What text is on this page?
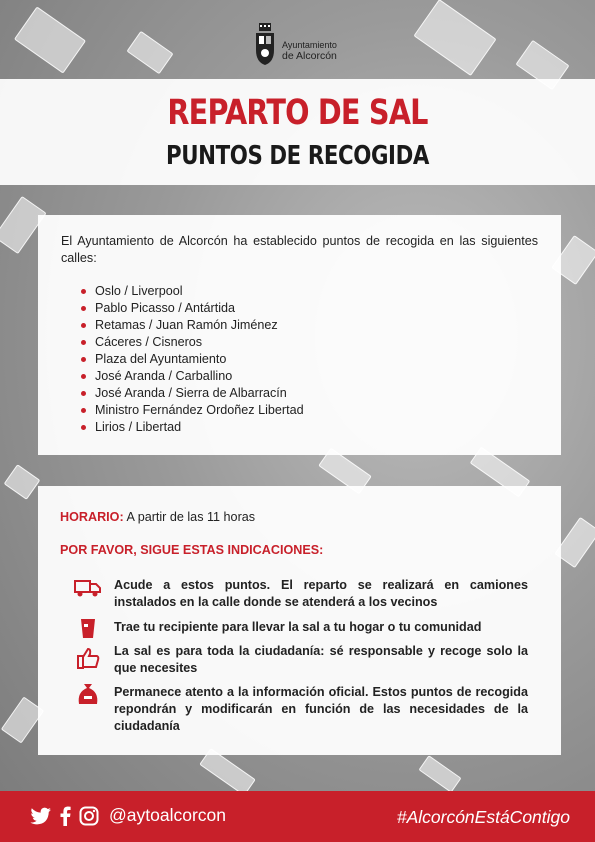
Ayuntamiento
de Alcorcón
REPARTO DE SAL
PUNTOS DE RECOGIDA

El Ayuntamiento de Alcorcón ha establecido puntos de recogida en las siguientes calles:

Oslo / Liverpool
Pablo Picasso / Antártida
Retamas / Juan Ramón Jiménez
Cáceres / Cisneros
Plaza del Ayuntamiento
José Aranda / Carballino
José Aranda / Sierra de Albarracín
Ministro Fernández Ordoñez Libertad
Lirios / Libertad
HORARIO: A partir de las 11 horas
POR FAVOR, SIGUE ESTAS INDICACIONES:
Acude a estos puntos. El reparto se realizará en camiones instalados en la calle donde se atenderá a los vecinos
Trae tu recipiente para llevar la sal a tu hogar o tu comunidad
La sal es para toda la ciudadanía: sé responsable y recoge solo la que necesites
Permanece atento a la información oficial. Estos puntos de recogida repondrán y modificarán en función de las necesidades de la ciudadanía
@aytoalcorcon	#AlcorcónEstáContigo
